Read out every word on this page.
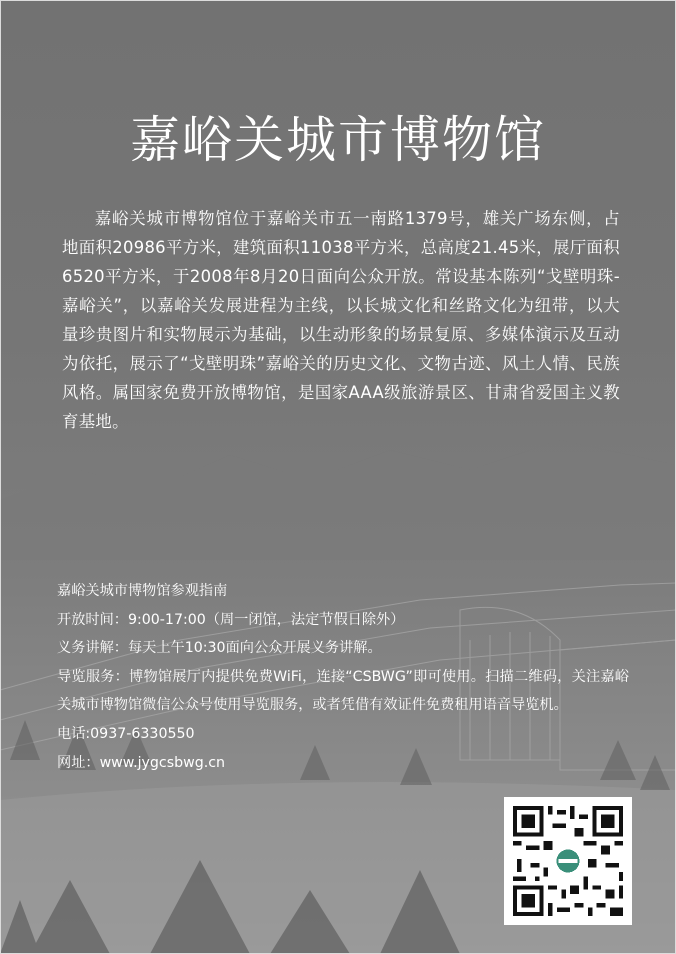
嘉峪关城市博物馆

嘉峪关城市博物馆位于嘉峪关市五一南路1379号，雄关广场东侧，占地面积20986平方米，建筑面积11038平方米，总高度21.45米，展厅面积6520平方米，于2008年8月20日面向公众开放。常设基本陈列“戈壁明珠-嘉峪关”，以嘉峪关发展进程为主线，以长城文化和丝路文化为纽带，以大量珍贵图片和实物展示为基础，以生动形象的场景复原、多媒体演示及互动为依托，展示了“戈壁明珠”嘉峪关的历史文化、文物古迹、风土人情、民族风格。属国家免费开放博物馆，是国家AAA级旅游景区、甘肃省爱国主义教育基地。

嘉峪关城市博物馆参观指南

开放时间：9:00-17:00（周一闭馆，法定节假日除外）

义务讲解：每天上午10:30面向公众开展义务讲解。

导览服务：博物馆展厅内提供免费WiFi，连接“CSBWG”即可使用。扫描二维码，关注嘉峪关城市博物馆微信公众号使用导览服务，或者凭借有效证件免费租用语音导览机。

电话:0937-6330550

网址：www.jygcsbwg.cn
